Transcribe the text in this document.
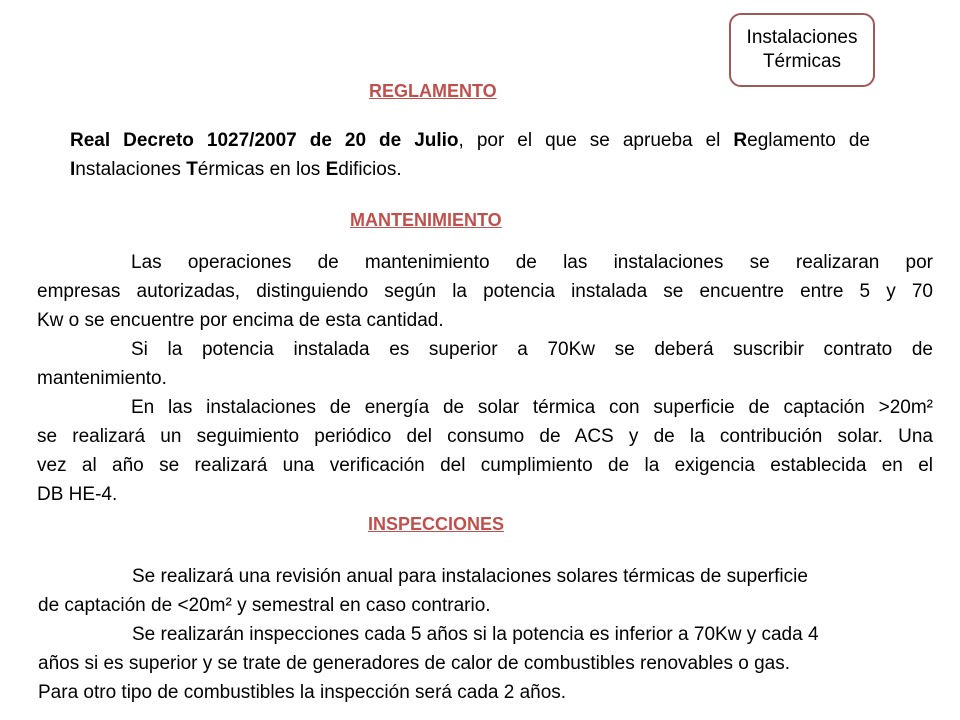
Instalaciones
Térmicas
REGLAMENTO
Real Decreto 1027/2007 de 20 de Julio, por el que se aprueba el Reglamento de
Instalaciones Térmicas en los Edificios.
MANTENIMIENTO
Las operaciones de mantenimiento de las instalaciones se realizaran por
empresas autorizadas, distinguiendo según la potencia instalada se encuentre entre 5 y 70
Kw o se encuentre por encima de esta cantidad.
Si la potencia instalada es superior a 70Kw se deberá suscribir contrato de
mantenimiento.
En las instalaciones de energía de solar térmica con superficie de captación >20m²
se realizará un seguimiento periódico del consumo de ACS y de la contribución solar. Una
vez al año se realizará una verificación del cumplimiento de la exigencia establecida en el
DB HE-4.
INSPECCIONES
Se realizará una revisión anual para instalaciones solares térmicas de superficie
de captación de <20m² y semestral en caso contrario.
Se realizarán inspecciones cada 5 años si la potencia es inferior a 70Kw y cada 4
años si es superior y se trate de generadores de calor de combustibles renovables o gas.
Para otro tipo de combustibles la inspección será cada 2 años.
